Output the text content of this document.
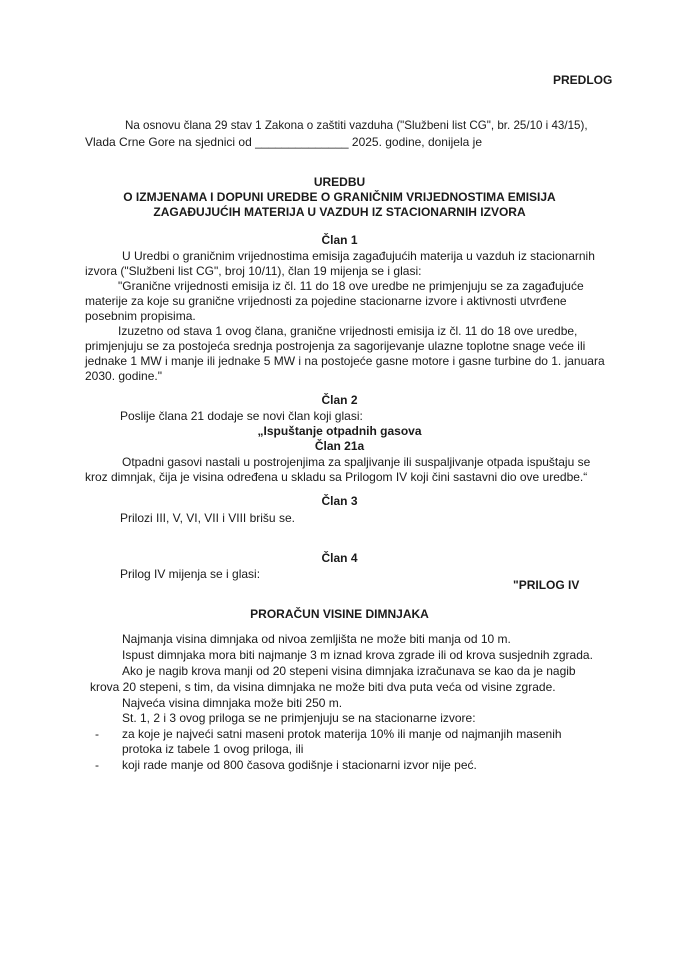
PREDLOG
Na osnovu člana 29 stav 1 Zakona o zaštiti vazduha ("Službeni list CG", br. 25/10 i 43/15),
Vlada Crne Gore na sjednici od ______________ 2025. godine, donijela je
UREDBU
O IZMJENAMA I DOPUNI UREDBE O GRANIČNIM VRIJEDNOSTIMA EMISIJA
ZAGAĐUJUĆIH MATERIJA U VAZDUH IZ STACIONARNIH IZVORA
Član 1
U Uredbi o graničnim vrijednostima emisija zagađujućih materija u vazduh iz stacionarnih
izvora ("Službeni list CG", broj 10/11), član 19 mijenja se i glasi:
"Granične vrijednosti emisija iz čl. 11 do 18 ove uredbe ne primjenjuju se za zagađujuće
materije za koje su granične vrijednosti za pojedine stacionarne izvore i aktivnosti utvrđene
posebnim propisima.
Izuzetno od stava 1 ovog člana, granične vrijednosti emisija iz čl. 11 do 18 ove uredbe,
primjenjuju se za postojeća srednja postrojenja za sagorijevanje ulazne toplotne snage veće ili
jednake 1 MW i manje ili jednake 5 MW i na postojeće gasne motore i gasne turbine do 1. januara
2030. godine."
Član 2
Poslije člana 21 dodaje se novi član koji glasi:
„Ispuštanje otpadnih gasova
Član 21a
Otpadni gasovi nastali u postrojenjima za spaljivanje ili suspaljivanje otpada ispuštaju se
kroz dimnjak, čija je visina određena u skladu sa Prilogom IV koji čini sastavni dio ove uredbe.“
Član 3
Prilozi III, V, VI, VII i VIII brišu se.
Član 4
Prilog IV mijenja se i glasi:
"PRILOG IV
PRORAČUN VISINE DIMNJAKA
Najmanja visina dimnjaka od nivoa zemljišta ne može biti manja od 10 m.
Ispust dimnjaka mora biti najmanje 3 m iznad krova zgrade ili od krova susjednih zgrada.
Ako je nagib krova manji od 20 stepeni visina dimnjaka izračunava se kao da je nagib
krova 20 stepeni, s tim, da visina dimnjaka ne može biti dva puta veća od visine zgrade.
Najveća visina dimnjaka može biti 250 m.
St. 1, 2 i 3 ovog priloga se ne primjenjuju se na stacionarne izvore:
- za koje je najveći satni maseni protok materija 10% ili manje od najmanjih masenih
protoka iz tabele 1 ovog priloga, ili
- koji rade manje od 800 časova godišnje i stacionarni izvor nije peć.
